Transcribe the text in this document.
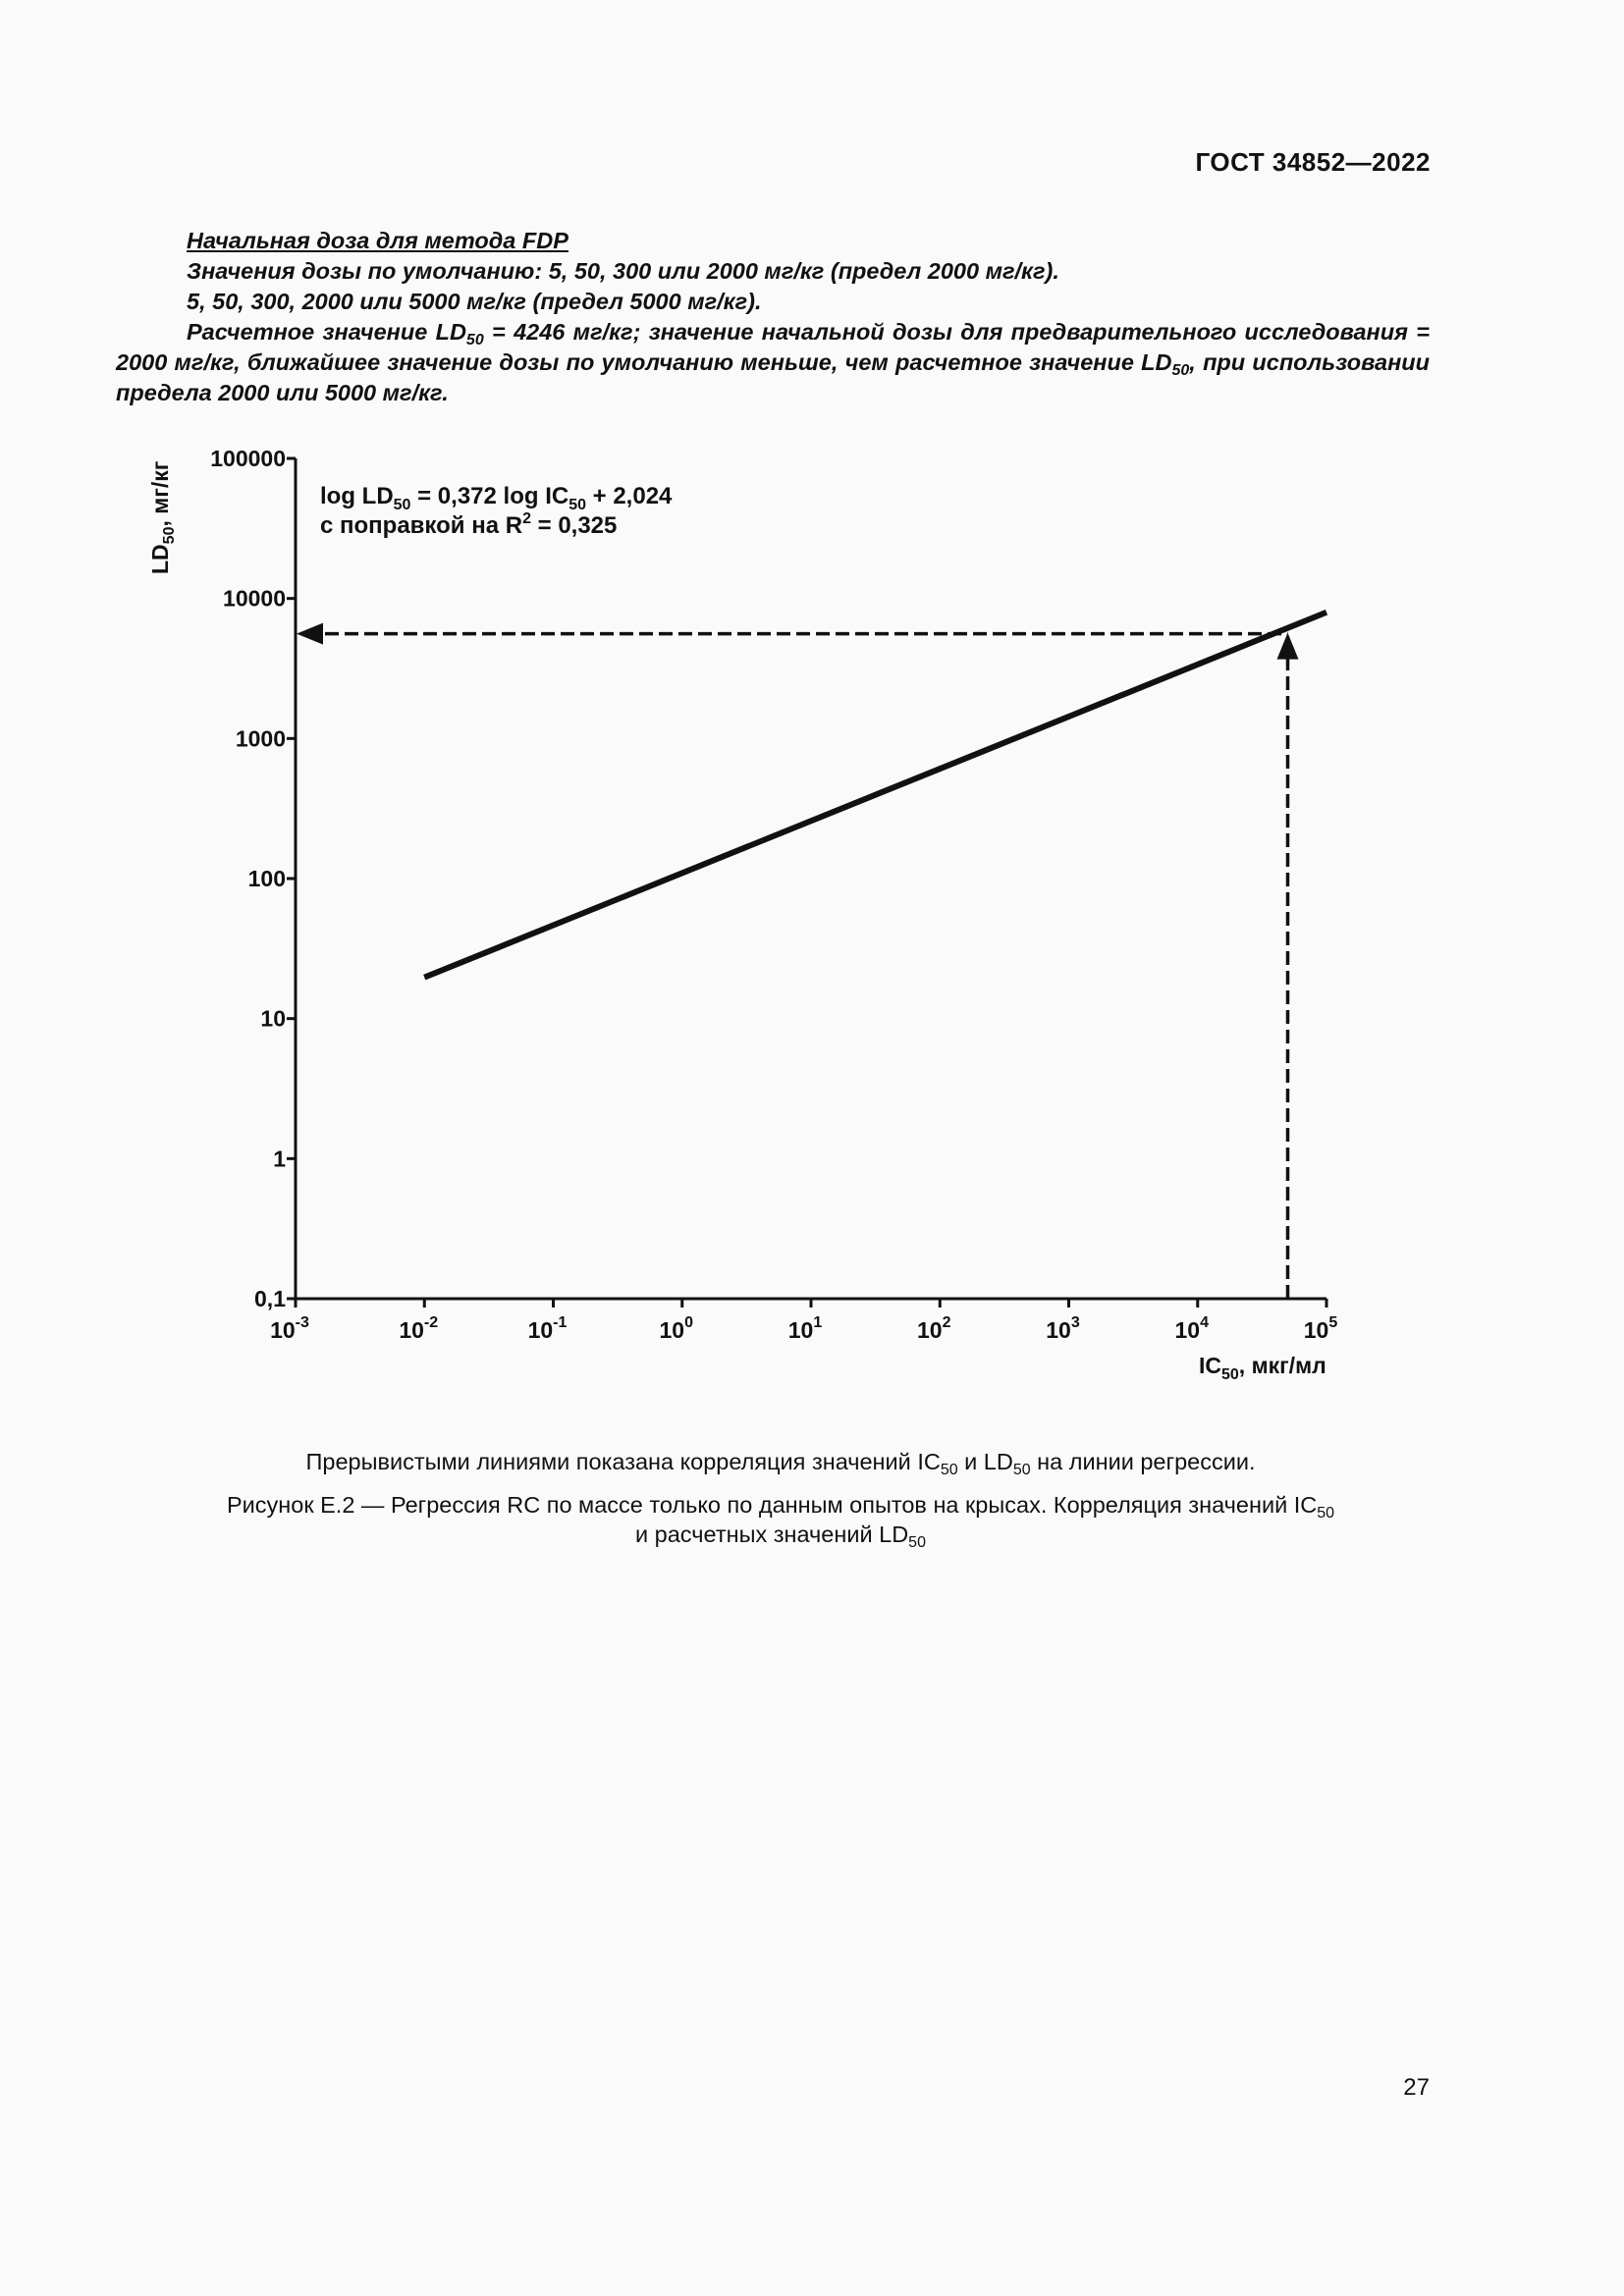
ГОСТ 34852—2022

Начальная доза для метода FDP

Значения дозы по умолчанию: 5, 50, 300 или 2000 мг/кг (предел 2000 мг/кг).

5, 50, 300, 2000 или 5000 мг/кг (предел 5000 мг/кг).

Расчетное значение $LD_{50} = 4246$ мг/кг; значение начальной дозы для предварительного исследования = 2000 мг/кг, ближайшее значение дозы по умолчанию меньше, чем расчетное значение $LD_{50}$, при использовании предела 2000 или 5000 мг/кг.

100000
10000
1000
100
10
1
0,1
$10^{-3}$	$10^{-2}$	$10^{-1}$	$10^0$	$10^1$	$10^2$	$10^3$	$10^4$	$10^5$
$\log LD_{50} = 0,372$ $\log IC_{50} + 2,024$
с поправкой на $R^2 = 0,325$
$LD_{50}$, мг/кг
$IC_{50}$, мкг/мл
Прерывистыми линиями показана корреляция значений $IC_{50}$ и $LD_{50}$ на линии регрессии.
Рисунок Е.2 — Регрессия RC по массе только по данным опытов на крысах. Корреляция значений $IC_{50}$
и расчетных значений $LD_{50}$
27
